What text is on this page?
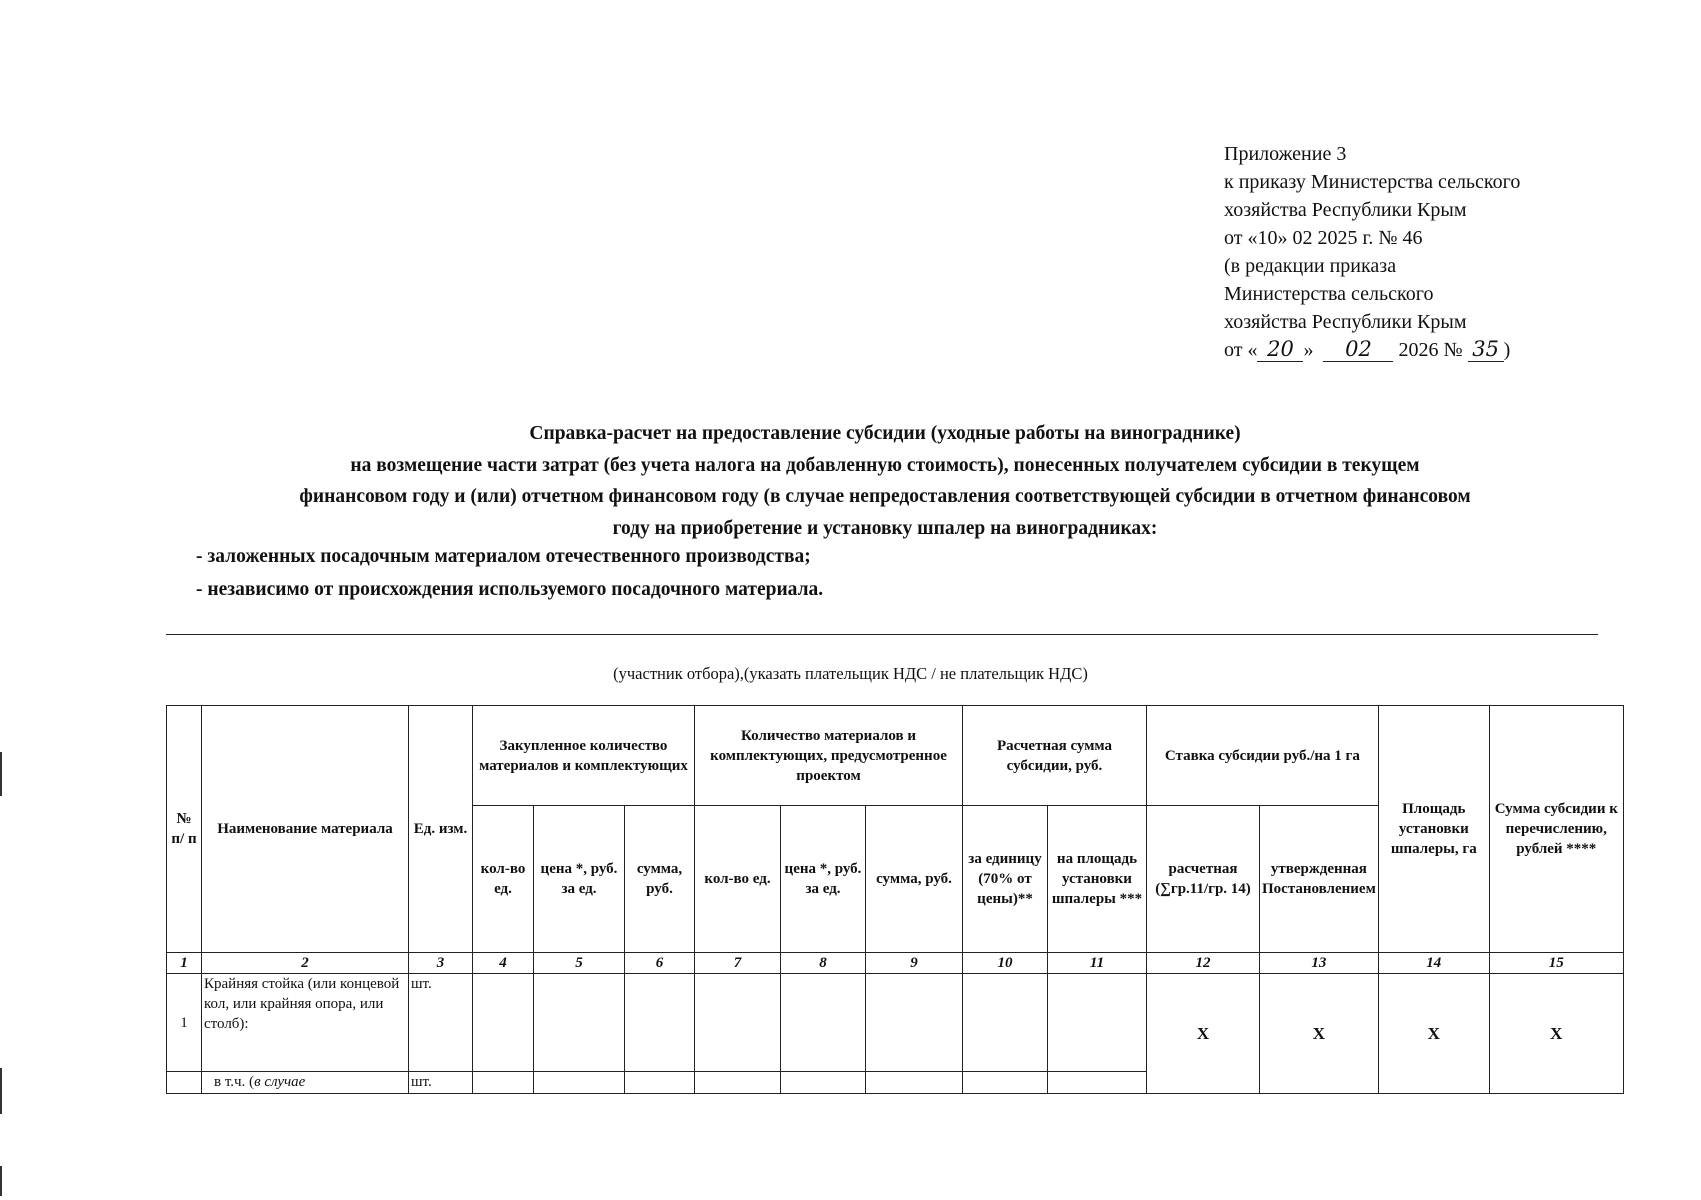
Приложение 3
к приказу Министерства сельского
хозяйства Республики Крым
от «10» 02 2025 г. № 46
(в редакции приказа
Министерства сельского
хозяйства Республики Крым
от « 20 » 02 2026 № 35 )
Справка-расчет на предоставление субсидии (уходные работы на винограднике)
на возмещение части затрат (без учета налога на добавленную стоимость), понесенных получателем субсидии в текущем
финансовом году и (или) отчетном финансовом году (в случае непредоставления соответствующей субсидии в отчетном финансовом
году на приобретение и установку шпалер на виноградниках:
- заложенных посадочным материалом отечественного производства;
- независимо от происхождения используемого посадочного материала.
(участник отбора),(указать плательщик НДС / не плательщик НДС)
№ п/ п	Наименование материала	Ед. изм.	Закупленное количество материалов и комплектующих			Количество материалов и комплектующих, предусмотренное проектом			Расчетная сумма субсидии, руб.		Ставка субсидии руб./на 1 га		Площадь установки шпалеры, га	Сумма субсидии к перечислению, рублей ****
			кол-во ед.	цена *, руб. за ед.	сумма, руб.	кол-во ед.	цена *, руб. за ед.	сумма, руб.	за единицу (70% от цены)**	на площадь установки шпалеры ***	расчетная (∑гр.11/гр. 14)	утвержденная Постановлением		
1	2	3	4	5	6	7	8	9	10	11	12	13	14	15
1	Крайняя стойка (или концевой кол, или крайняя опора, или столб):	шт.									Х	Х	Х	Х
	в т.ч. (в случае	шт.												
